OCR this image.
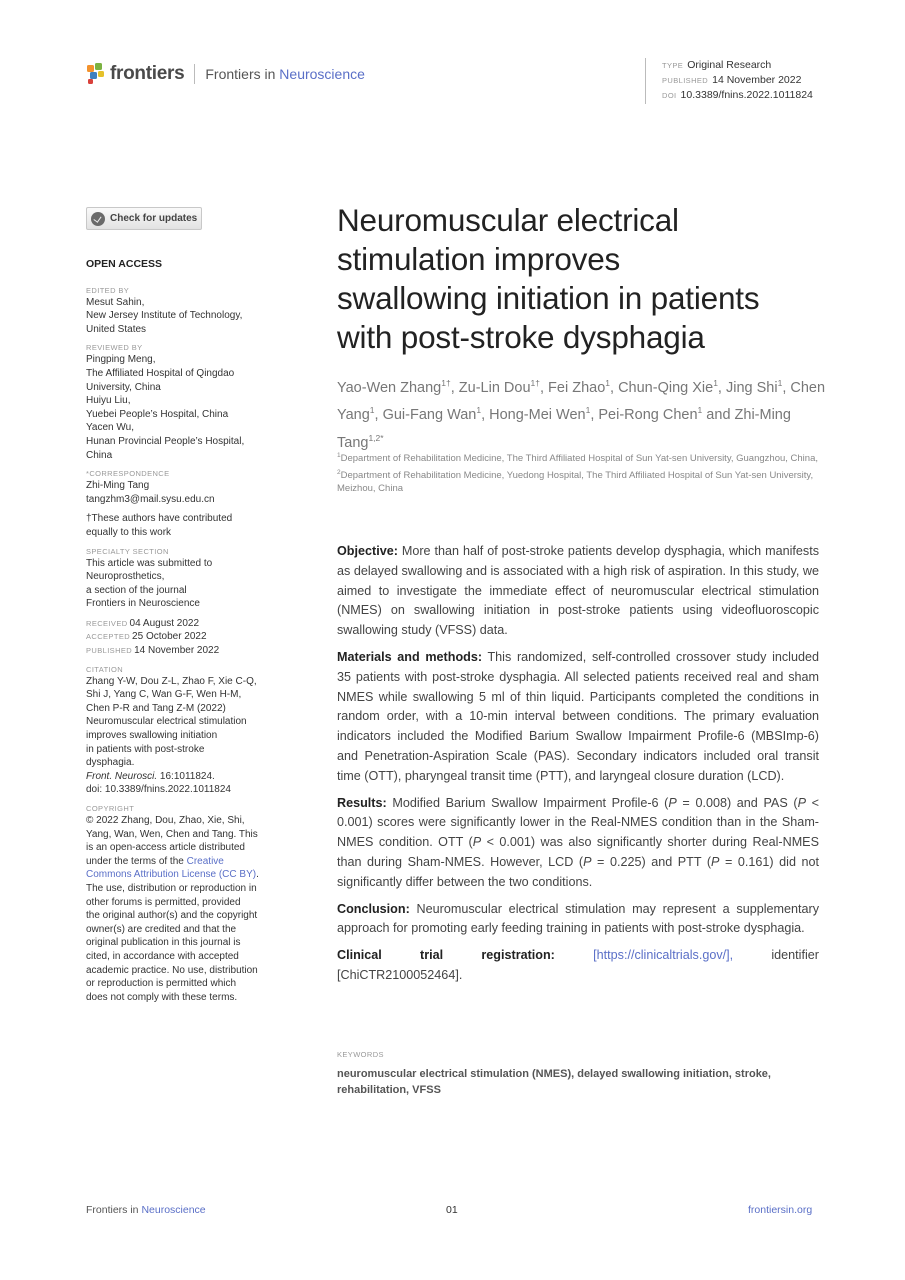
frontiers Frontiers in Neuroscience
TYPE Original Research
PUBLISHED 14 November 2022
DOI 10.3389/fnins.2022.1011824
Check for updates
OPEN ACCESS
EDITED BY
Mesut Sahin,
New Jersey Institute of Technology,
United States
REVIEWED BY
Pingping Meng,
The Affiliated Hospital of Qingdao
University, China
Huiyu Liu,
Yuebei People’s Hospital, China
Yacen Wu,
Hunan Provincial People’s Hospital,
China
*CORRESPONDENCE
Zhi-Ming Tang
tangzhm3@mail.sysu.edu.cn
†These authors have contributed
equally to this work
SPECIALTY SECTION
This article was submitted to
Neuroprosthetics,
a section of the journal
Frontiers in Neuroscience
RECEIVED 04 August 2022
ACCEPTED 25 October 2022
PUBLISHED 14 November 2022
CITATION
Zhang Y-W, Dou Z-L, Zhao F, Xie C-Q,
Shi J, Yang C, Wan G-F, Wen H-M,
Chen P-R and Tang Z-M (2022)
Neuromuscular electrical stimulation
improves swallowing initiation
in patients with post-stroke
dysphagia.
Front. Neurosci. 16:1011824.
doi: 10.3389/fnins.2022.1011824
COPYRIGHT
© 2022 Zhang, Dou, Zhao, Xie, Shi,
Yang, Wan, Wen, Chen and Tang. This
is an open-access article distributed
under the terms of the Creative
Commons Attribution License (CC BY).
The use, distribution or reproduction in
other forums is permitted, provided
the original author(s) and the copyright
owner(s) are credited and that the
original publication in this journal is
cited, in accordance with accepted
academic practice. No use, distribution
or reproduction is permitted which
does not comply with these terms.
Neuromuscular electrical
stimulation improves
swallowing initiation in patients
with post-stroke dysphagia
Yao-Wen Zhang$^{1\dagger}$, Zu-Lin Dou$^{1\dagger}$, Fei Zhao$^1$, Chun-Qing Xie$^1$, Jing Shi$^1$, Chen Yang$^1$, Gui-Fang Wan$^1$, Hong-Mei Wen$^1$, Pei-Rong Chen$^1$ and Zhi-Ming Tang$^{1,2*}$
$^1$Department of Rehabilitation Medicine, The Third Affiliated Hospital of Sun Yat-sen University, Guangzhou, China, $^2$Department of Rehabilitation Medicine, Yuedong Hospital, The Third Affiliated Hospital of Sun Yat-sen University, Meizhou, China

Objective: More than half of post-stroke patients develop dysphagia, which manifests as delayed swallowing and is associated with a high risk of aspiration. In this study, we aimed to investigate the immediate effect of neuromuscular electrical stimulation (NMES) on swallowing initiation in post-stroke patients using videofluoroscopic swallowing study (VFSS) data.

Materials and methods: This randomized, self-controlled crossover study included 35 patients with post-stroke dysphagia. All selected patients received real and sham NMES while swallowing 5 ml of thin liquid. Participants completed the conditions in random order, with a 10-min interval between conditions. The primary evaluation indicators included the Modified Barium Swallow Impairment Profile-6 (MBSImp-6) and Penetration-Aspiration Scale (PAS). Secondary indicators included oral transit time (OTT), pharyngeal transit time (PTT), and laryngeal closure duration (LCD).

Results: Modified Barium Swallow Impairment Profile-6 (P = 0.008) and PAS (P < 0.001) scores were significantly lower in the Real-NMES condition than in the Sham-NMES condition. OTT (P < 0.001) was also significantly shorter during Real-NMES than during Sham-NMES. However, LCD (P = 0.225) and PTT (P = 0.161) did not significantly differ between the two conditions.

Conclusion: Neuromuscular electrical stimulation may represent a supplementary approach for promoting early feeding training in patients with post-stroke dysphagia.

Clinical	trial	registration:	[https://clinicaltrials.gov/],	identifier
[ChiCTR2100052464].
KEYWORDS
neuromuscular electrical stimulation (NMES), delayed swallowing initiation, stroke, rehabilitation, VFSS
Frontiers in Neuroscience	01	frontiersin.org
